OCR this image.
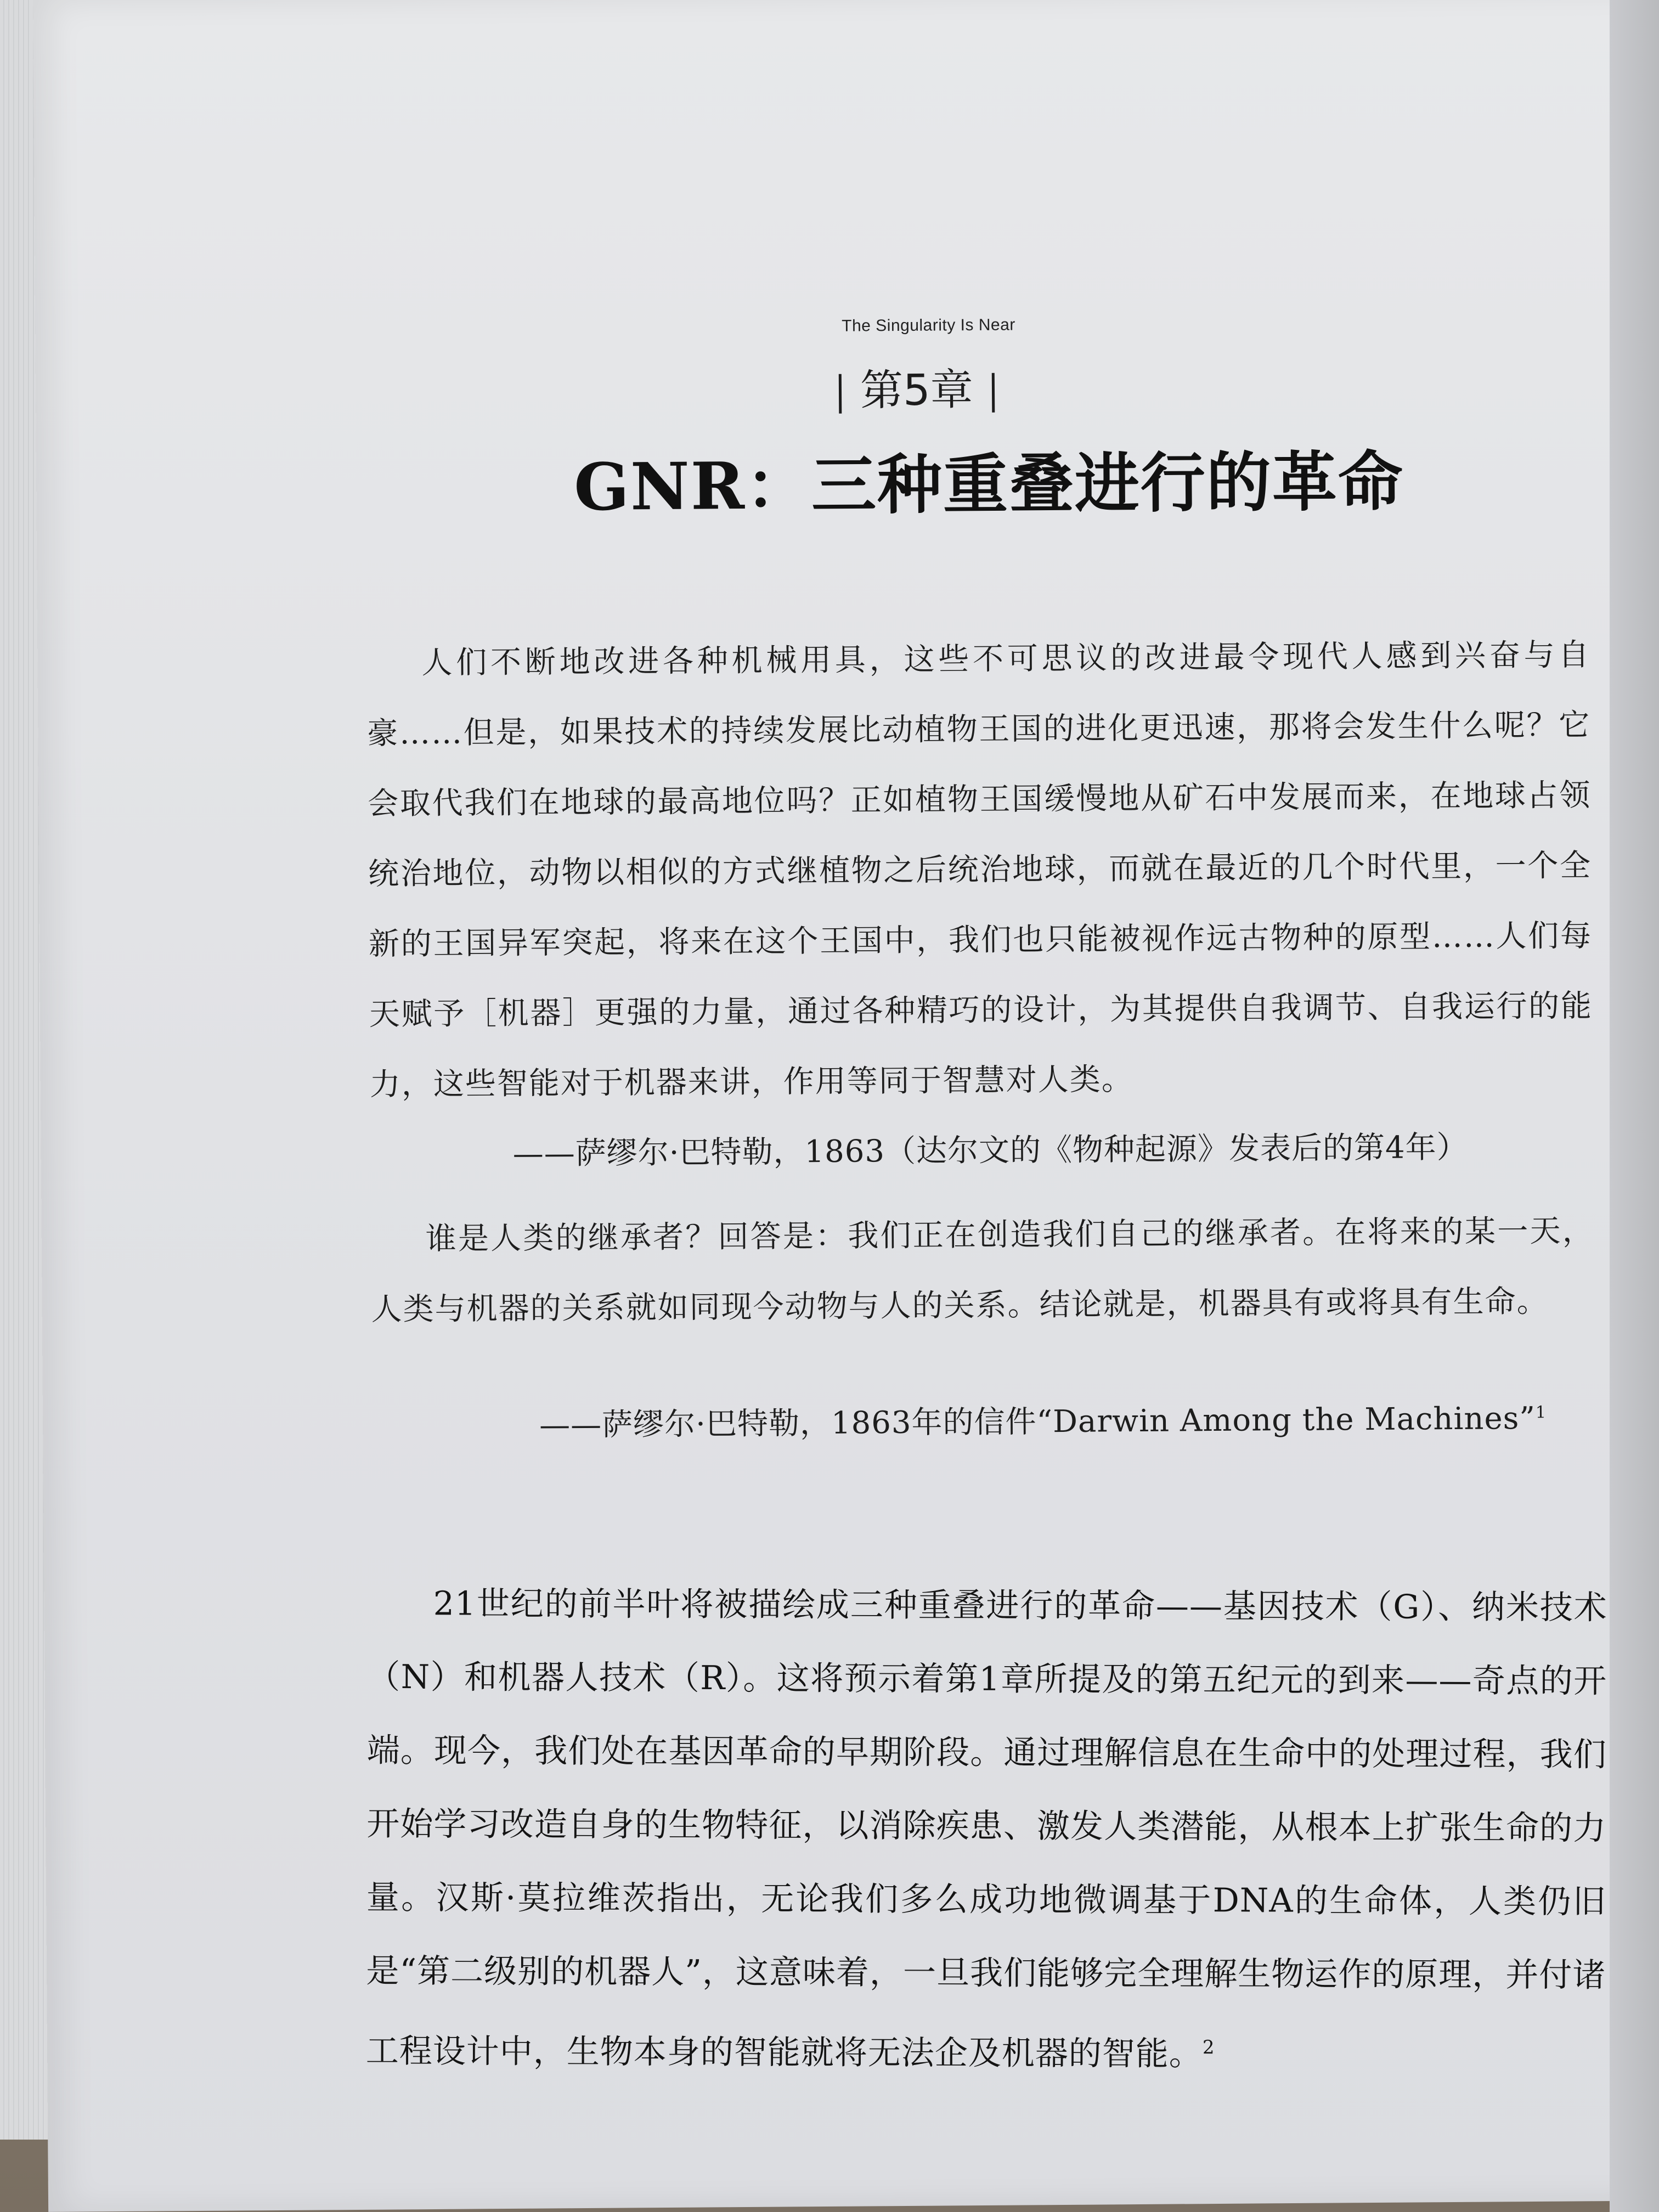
The Singularity Is Near
第5章
GNR：三种重叠进行的革命
人们不断地改进各种机械用具，这些不可思议的改进最令现代人感到兴奋与自豪……但是，如果技术的持续发展比动植物王国的进化更迅速，那将会发生什么呢？它会取代我们在地球的最高地位吗？正如植物王国缓慢地从矿石中发展而来，在地球占领统治地位，动物以相似的方式继植物之后统治地球，而就在最近的几个时代里，一个全新的王国异军突起，将来在这个王国中，我们也只能被视作远古物种的原型……人们每天赋予［机器］更强的力量，通过各种精巧的设计，为其提供自我调节、自我运行的能力，这些智能对于机器来讲，作用等同于智慧对人类。
——萨缪尔·巴特勒，1863（达尔文的《物种起源》发表后的第4年）
谁是人类的继承者？回答是：我们正在创造我们自己的继承者。在将来的某一天，人类与机器的关系就如同现今动物与人的关系。结论就是，机器具有或将具有生命。
——萨缪尔·巴特勒，1863年的信件“Darwin Among the Machines”$^1$
21世纪的前半叶将被描绘成三种重叠进行的革命——基因技术（G）、纳米技术（N）和机器人技术（R）。这将预示着第1章所提及的第五纪元的到来——奇点的开端。现今，我们处在基因革命的早期阶段。通过理解信息在生命中的处理过程，我们开始学习改造自身的生物特征，以消除疾患、激发人类潜能，从根本上扩张生命的力量。汉斯·莫拉维茨指出，无论我们多么成功地微调基于DNA的生命体，人类仍旧是“第二级别的机器人”，这意味着，一旦我们能够完全理解生物运作的原理，并付诸工程设计中，生物本身的智能就将无法企及机器的智能。$^2$
